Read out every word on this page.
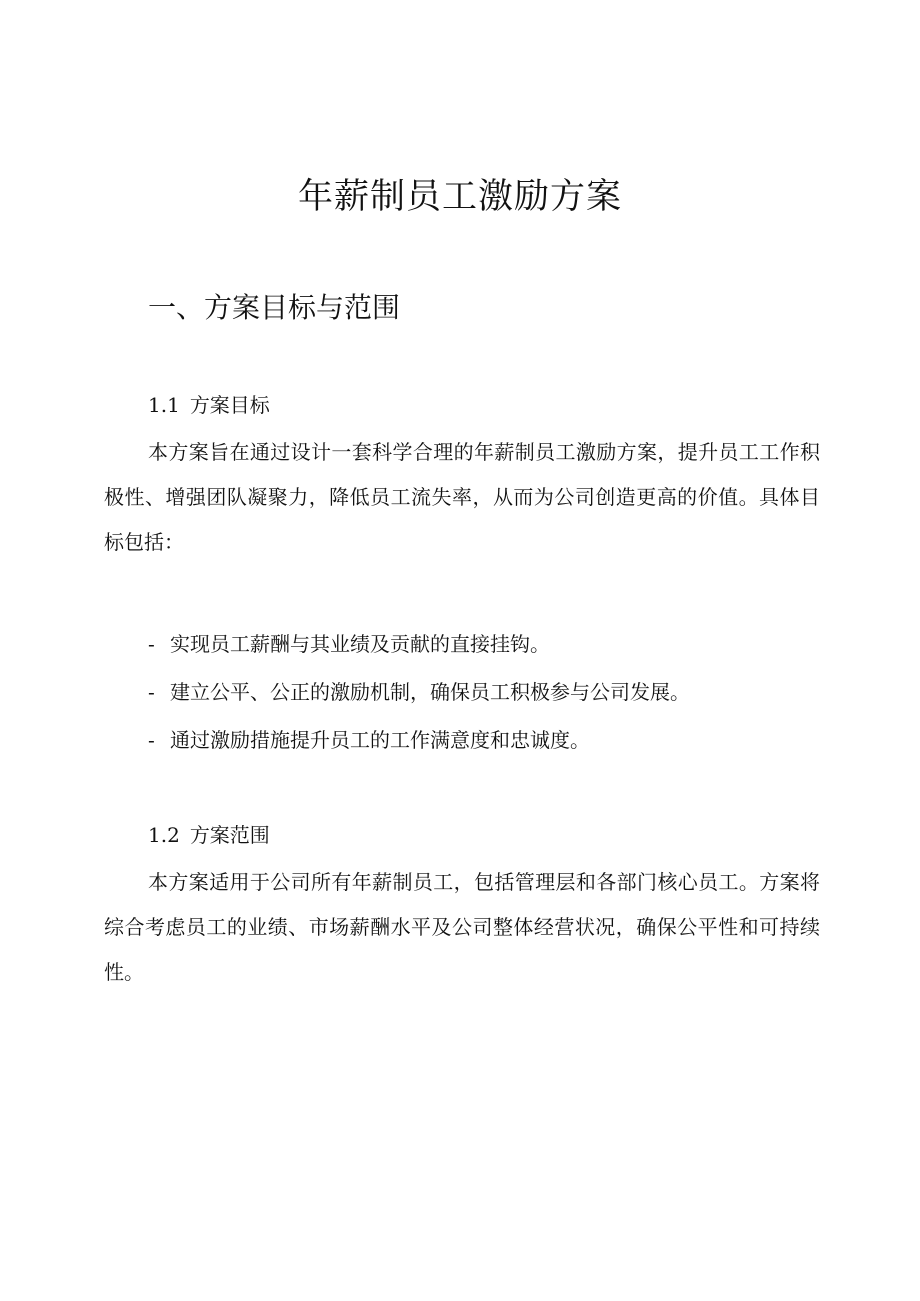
年薪制员工激励方案
一、方案目标与范围
1.1 方案目标

本方案旨在通过设计一套科学合理的年薪制员工激励方案，提升员工工作积极性、增强团队凝聚力，降低员工流失率，从而为公司创造更高的价值。具体目标包括：

- 实现员工薪酬与其业绩及贡献的直接挂钩。
- 建立公平、公正的激励机制，确保员工积极参与公司发展。
- 通过激励措施提升员工的工作满意度和忠诚度。
1.2 方案范围

本方案适用于公司所有年薪制员工，包括管理层和各部门核心员工。方案将综合考虑员工的业绩、市场薪酬水平及公司整体经营状况，确保公平性和可持续性。
